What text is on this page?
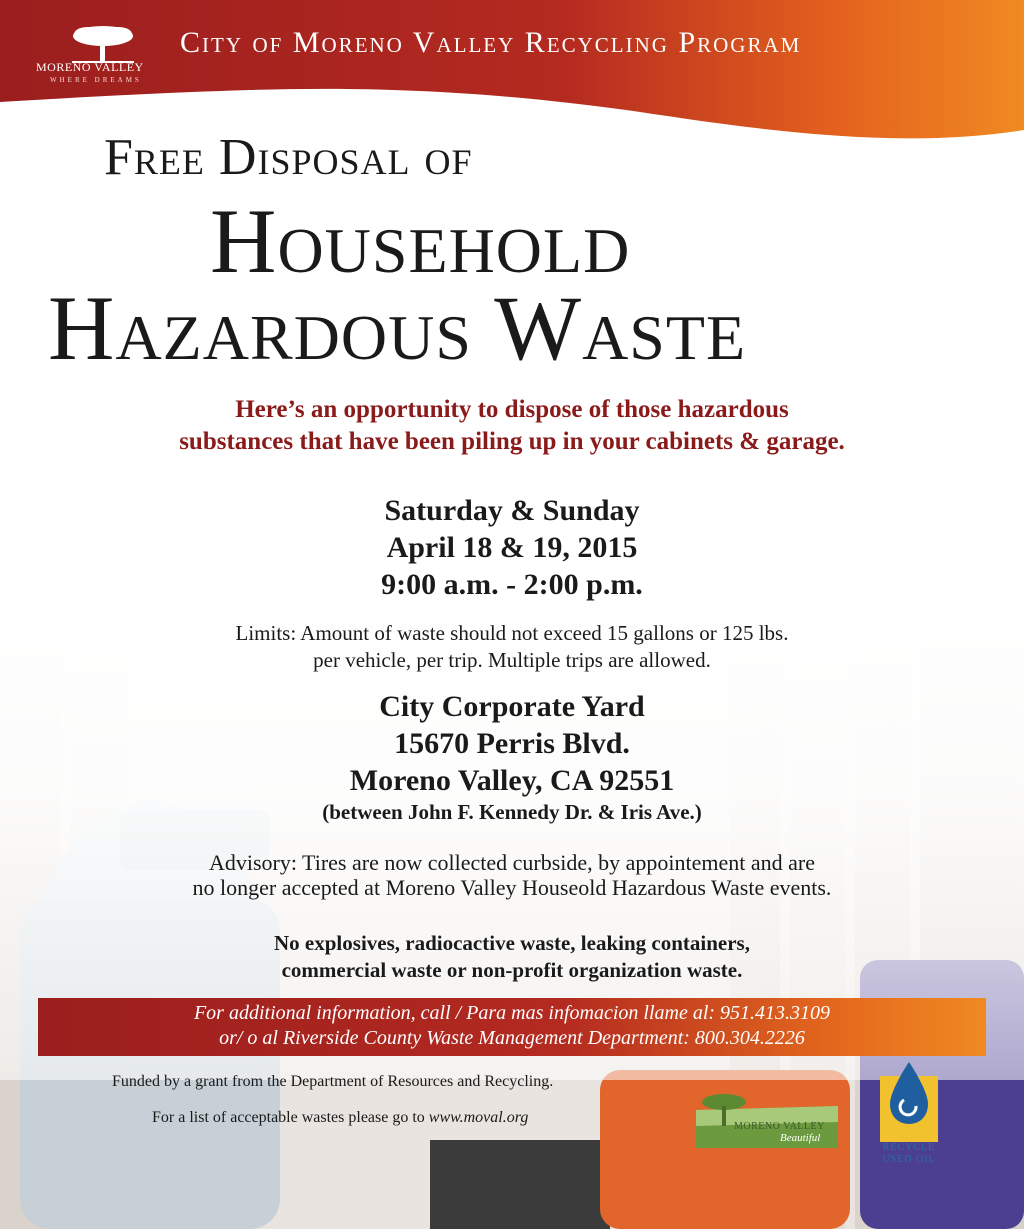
MORENO VALLEY
WHERE DREAMS
City of Moreno Valley Recycling Program
Free Disposal of
Household
Hazardous Waste
Here’s an opportunity to dispose of those hazardous
substances that have been piling up in your cabinets & garage.
Saturday & Sunday
April 18 & 19, 2015
9:00 a.m. - 2:00 p.m.
Limits: Amount of waste should not exceed 15 gallons or 125 lbs.
per vehicle, per trip. Multiple trips are allowed.
City Corporate Yard
15670 Perris Blvd.
Moreno Valley, CA 92551
(between John F. Kennedy Dr. & Iris Ave.)
Advisory: Tires are now collected curbside, by appointement and are
no longer accepted at Moreno Valley Houseold Hazardous Waste events.
No explosives, radiocactive waste, leaking containers,
commercial waste or non-profit organization waste.
For additional information, call / Para mas infomacion llame al: 951.413.3109
or/ o al Riverside County Waste Management Department: 800.304.2226
Funded by a grant from the Department of Resources and Recycling.
For a list of acceptable wastes please go to www.moval.org
MORENO VALLEY
Beautiful
RECYCLE
USED OIL
